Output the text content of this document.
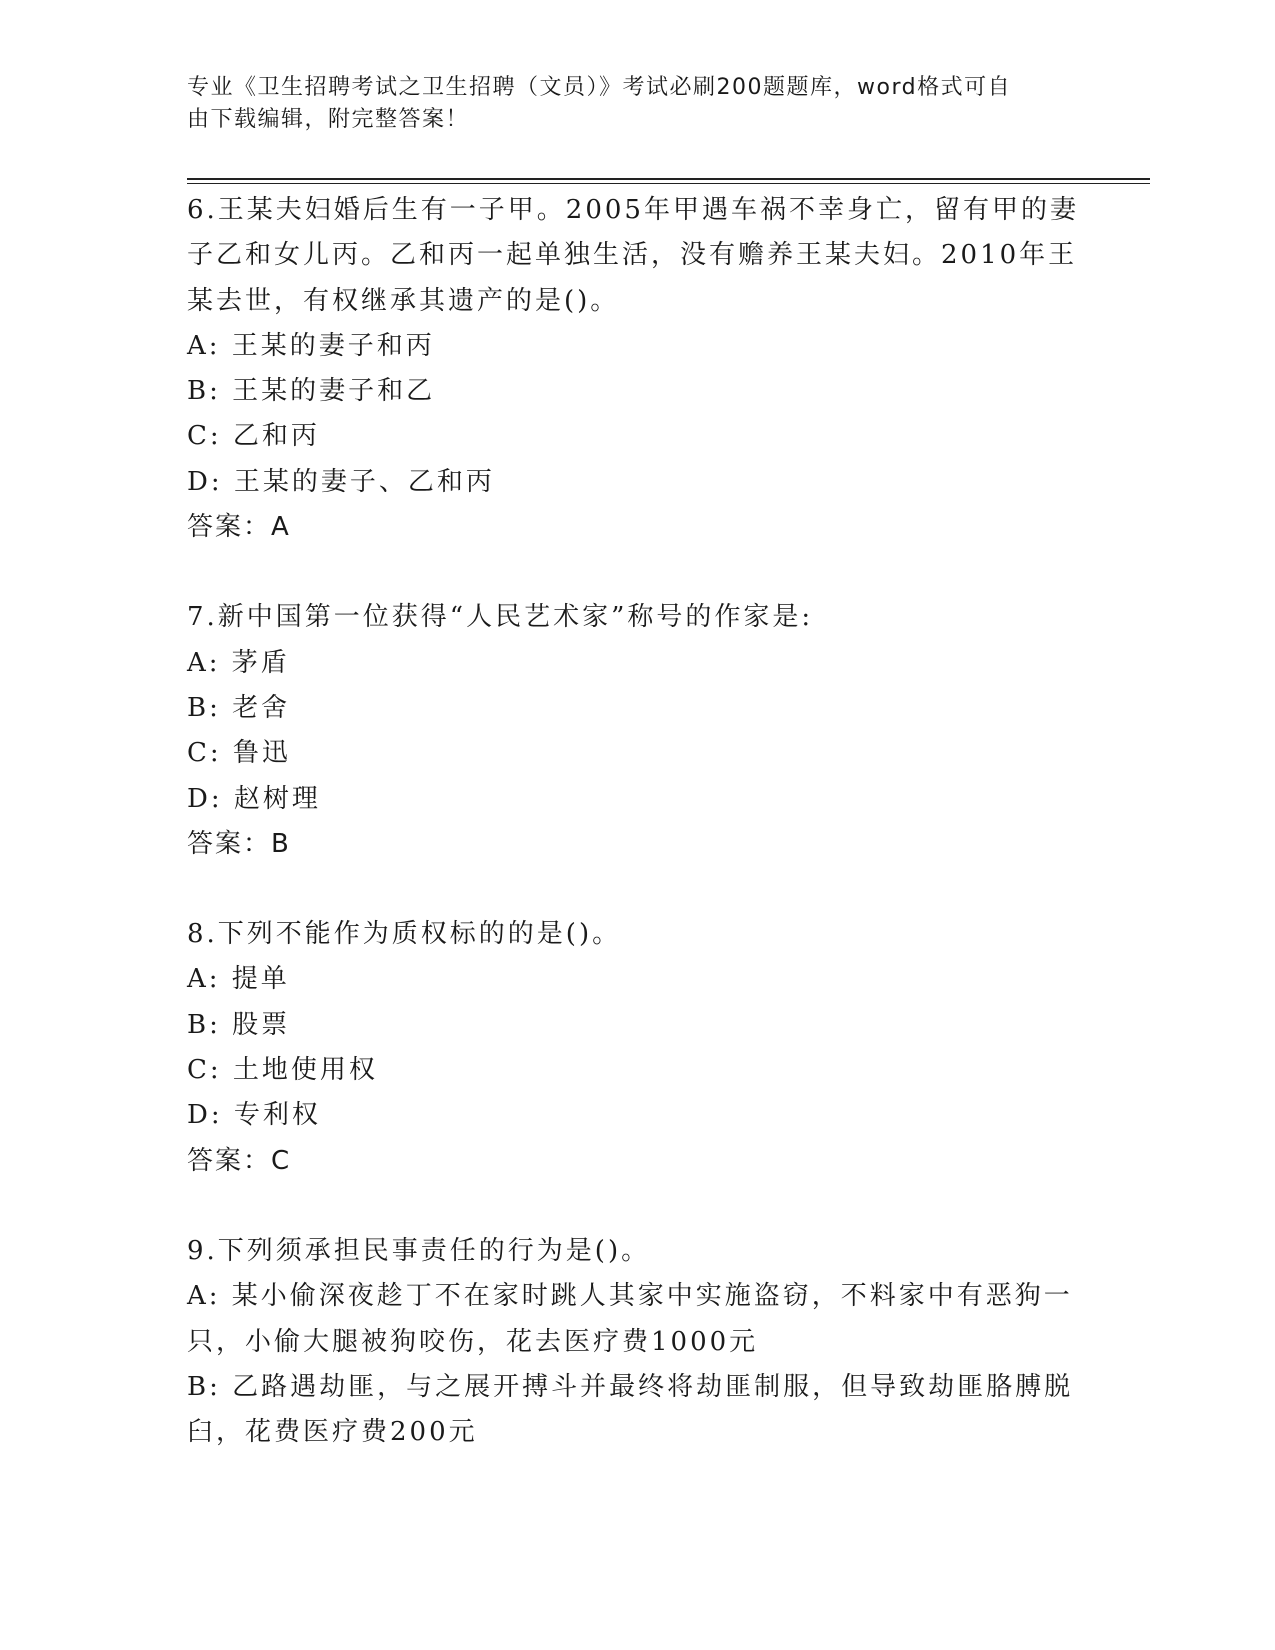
专业《卫生招聘考试之卫生招聘（文员）》考试必刷200题题库，word格式可自
由下载编辑，附完整答案！
6.王某夫妇婚后生有一子甲。2005年甲遇车祸不幸身亡，留有甲的妻
子乙和女儿丙。乙和丙一起单独生活，没有赡养王某夫妇。2010年王
某去世，有权继承其遗产的是()。
A: 王某的妻子和丙
B: 王某的妻子和乙
C: 乙和丙
D: 王某的妻子、乙和丙
答案：A
7.新中国第一位获得“人民艺术家”称号的作家是:
A: 茅盾
B: 老舍
C: 鲁迅
D: 赵树理
答案：B
8.下列不能作为质权标的的是()。
A: 提单
B: 股票
C: 土地使用权
D: 专利权
答案：C
9.下列须承担民事责任的行为是()。
A: 某小偷深夜趁丁不在家时跳人其家中实施盗窃，不料家中有恶狗一
只，小偷大腿被狗咬伤，花去医疗费1000元
B: 乙路遇劫匪，与之展开搏斗并最终将劫匪制服，但导致劫匪胳膊脱
臼，花费医疗费200元
